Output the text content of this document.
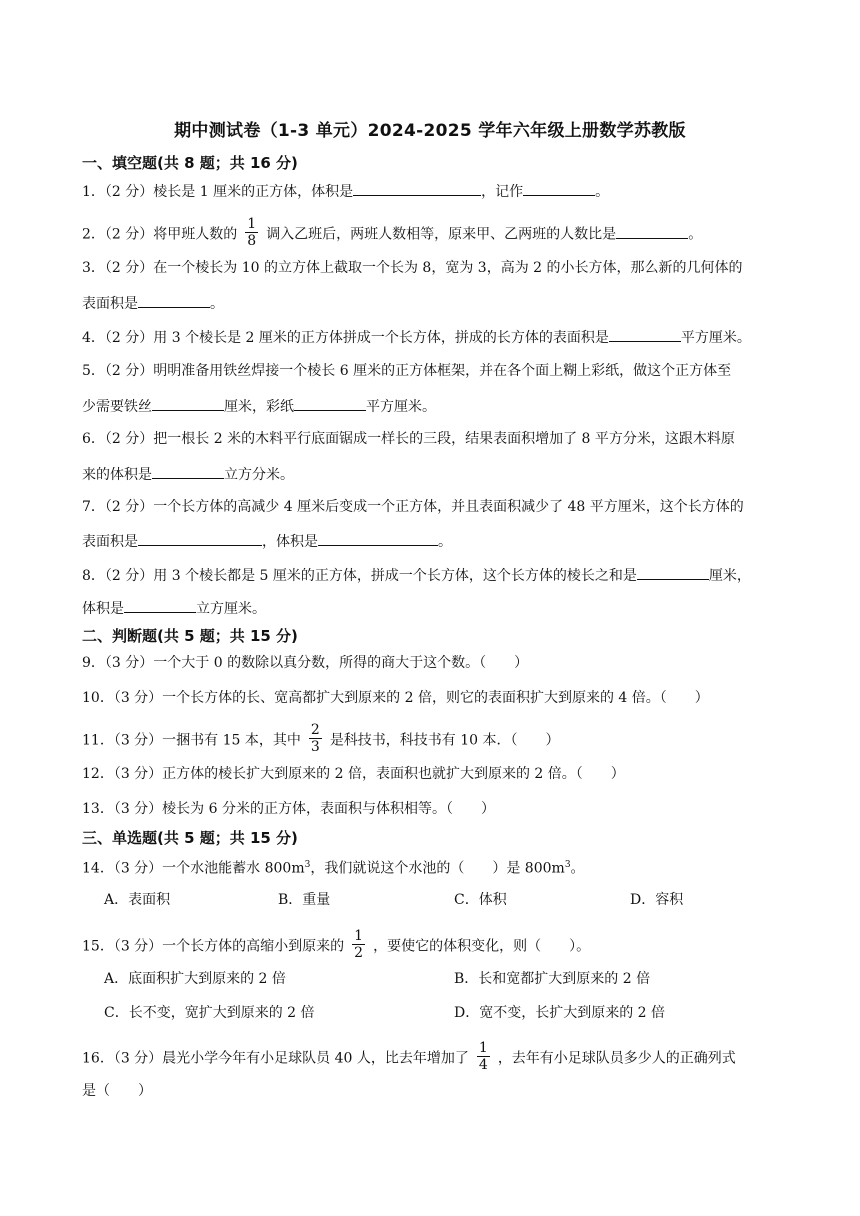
期中测试卷（1-3 单元）2024-2025 学年六年级上册数学苏教版
一、填空题(共 8 题；共 16 分)
1．（2 分）棱长是 1 厘米的正方体，体积是	，记作	。
2．（2 分）将甲班人数的 $\frac{1}{8}$ 调入乙班后，两班人数相等，原来甲、乙两班的人数比是	。
3．（2 分）在一个棱长为 10 的立方体上截取一个长为 8，宽为 3，高为 2 的小长方体，那么新的几何体的
表面积是	。
4．（2 分）用 3 个棱长是 2 厘米的正方体拼成一个长方体，拼成的长方体的表面积是	平方厘米。
5．（2 分）明明准备用铁丝焊接一个棱长 6 厘米的正方体框架，并在各个面上糊上彩纸，做这个正方体至
少需要铁丝	厘米，彩纸	平方厘米。
6．（2 分）把一根长 2 米的木料平行底面锯成一样长的三段，结果表面积增加了 8 平方分米，这跟木料原
来的体积是	立方分米。
7．（2 分）一个长方体的高减少 4 厘米后变成一个正方体，并且表面积减少了 48 平方厘米，这个长方体的
表面积是	，体积是	。
8．（2 分）用 3 个棱长都是 5 厘米的正方体，拼成一个长方体，这个长方体的棱长之和是	厘米，
体积是	立方厘米。
二、判断题(共 5 题；共 15 分)
9．（3 分）一个大于 0 的数除以真分数，所得的商大于这个数。（　　）
10．（3 分）一个长方体的长、宽高都扩大到原来的 2 倍，则它的表面积扩大到原来的 4 倍。（　　）
11．（3 分）一捆书有 15 本，其中 $\frac{2}{3}$ 是科技书，科技书有 10 本．（　　）
12．（3 分）正方体的棱长扩大到原来的 2 倍，表面积也就扩大到原来的 2 倍。（　　）
13．（3 分）棱长为 6 分米的正方体，表面积与体积相等。（　　）
三、单选题(共 5 题；共 15 分)
14．（3 分）一个水池能蓄水 $800m^3$，我们就说这个水池的（　　）是 $800m^3$。
A．表面积	B．重量	C．体积	D．容积
15．（3 分）一个长方体的高缩小到原来的 $\frac{1}{2}$ ，要使它的体积变化，则（　　）。
A．底面积扩大到原来的 2 倍	B．长和宽都扩大到原来的 2 倍
C．长不变，宽扩大到原来的 2 倍	D．宽不变，长扩大到原来的 2 倍
16．（3 分）晨光小学今年有小足球队员 40 人，比去年增加了 $\frac{1}{4}$ ，去年有小足球队员多少人的正确列式
是（　　）
